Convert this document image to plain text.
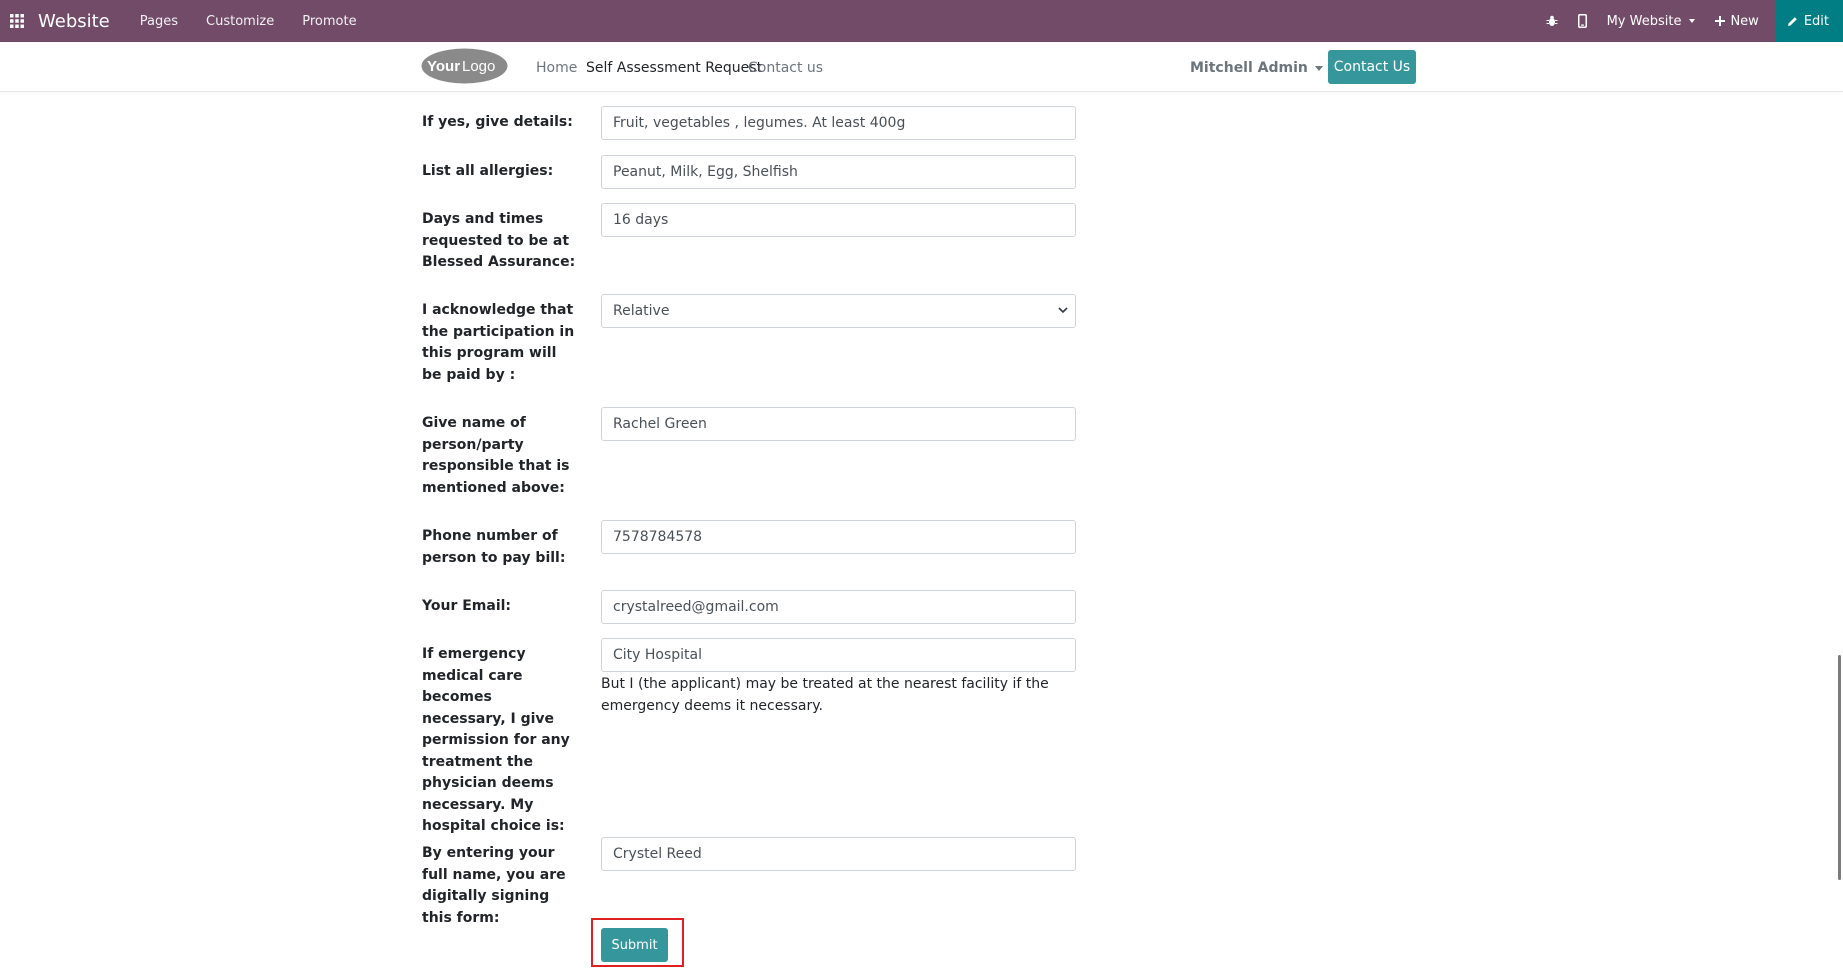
Website Pages Customize Promote	My Website	New	Edit
Your Logo	Home Self Assessment Request
Contact us	Mitchell Admin	Contact Us
If yes, give details:	Fruit, vegetables , legumes. At least 400g
List all allergies:	Peanut, Milk, Egg, Shelfish
Days and times requested to be at Blessed Assurance:
16 days
I acknowledge that the participation in this program will be paid by :
Relative
Give name of person/party responsible that is mentioned above:
Rachel Green
Phone number of person to pay bill:
7578784578
Your Email:	crystalreed@gmail.com
If emergency medical care becomes necessary, I give permission for any treatment the physician deems necessary. My hospital choice is:
City Hospital
But I (the applicant) may be treated at the nearest facility if the emergency deems it necessary.
By entering your full name, you are digitally signing this form:
Crystel Reed
Submit
